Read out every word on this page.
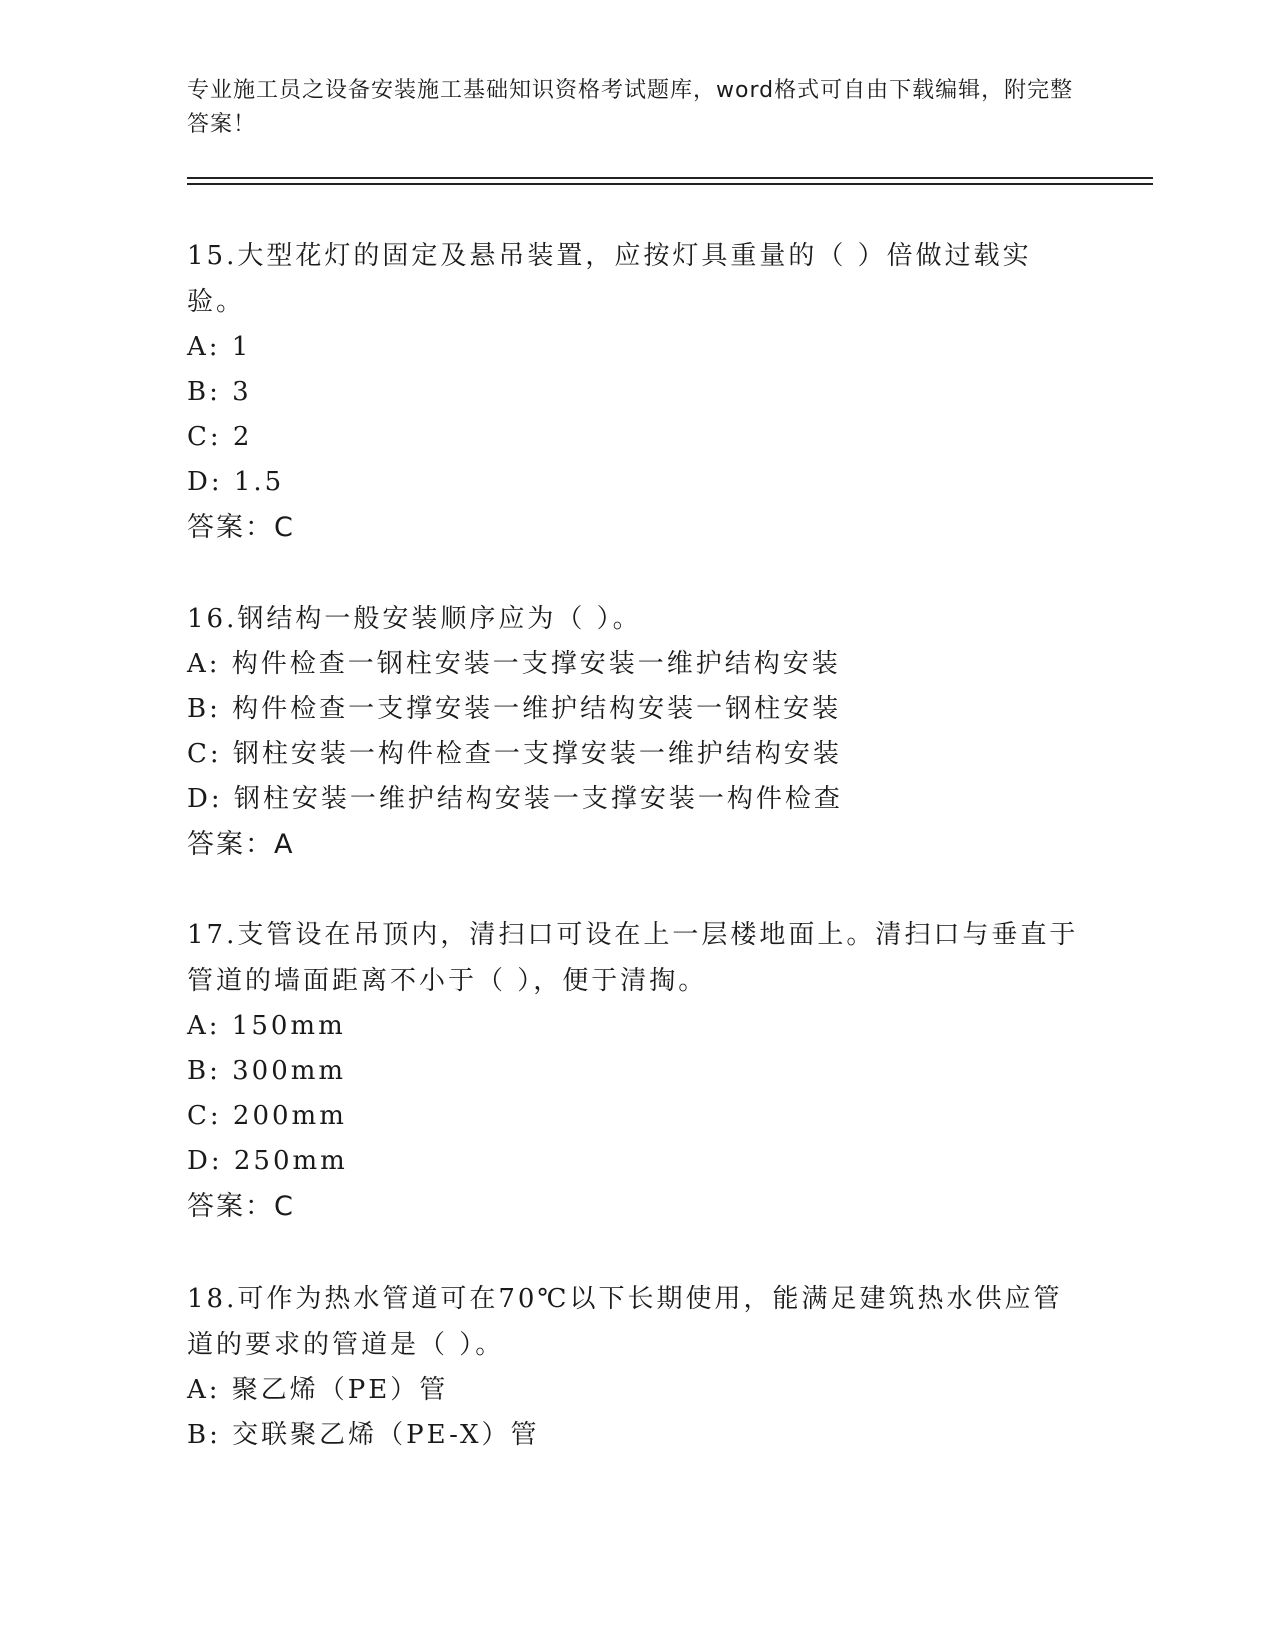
专业施工员之设备安装施工基础知识资格考试题库，word格式可自由下载编辑，附完整答案！
15.大型花灯的固定及悬吊装置，应按灯具重量的（ ）倍做过载实验。
A: 1
B: 3
C: 2
D: 1.5
答案：C
16.钢结构一般安装顺序应为（ ）。
A: 构件检查一钢柱安装一支撑安装一维护结构安装
B: 构件检查一支撑安装一维护结构安装一钢柱安装
C: 钢柱安装一构件检查一支撑安装一维护结构安装
D: 钢柱安装一维护结构安装一支撑安装一构件检查
答案：A
17.支管设在吊顶内，清扫口可设在上一层楼地面上。清扫口与垂直于管道的墙面距离不小于（ ），便于清掏。
A: 150mm
B: 300mm
C: 200mm
D: 250mm
答案：C
18.可作为热水管道可在70℃以下长期使用，能满足建筑热水供应管道的要求的管道是（ ）。
A: 聚乙烯（PE）管
B: 交联聚乙烯（PE-X）管
